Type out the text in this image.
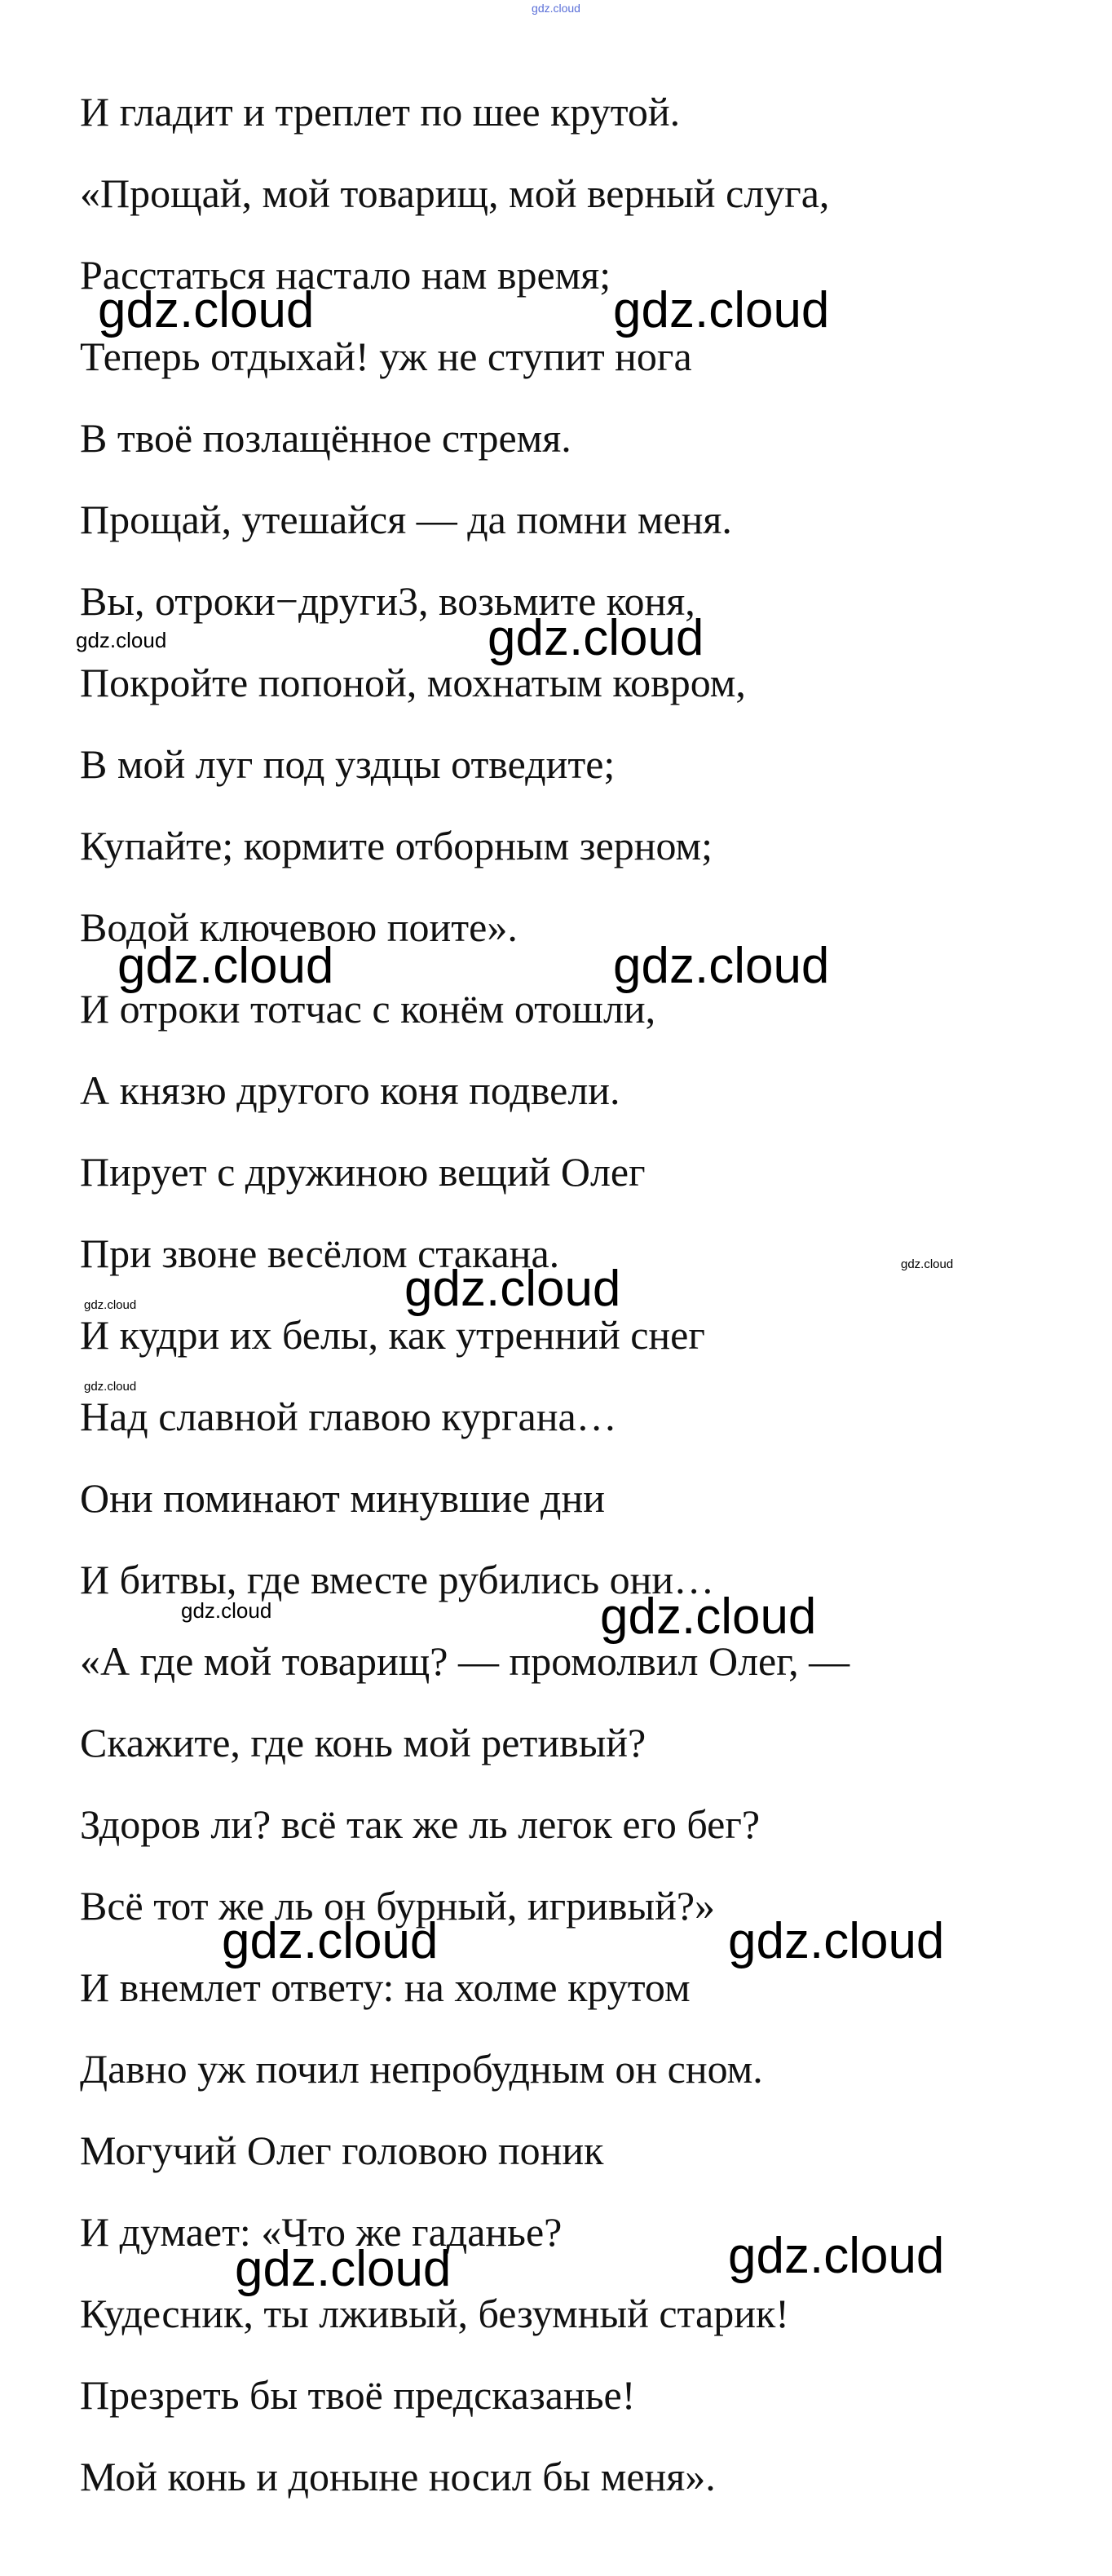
gdz.cloud
И гладит и треплет по шее крутой.
«Прощай, мой товарищ, мой верный слуга,
Расстаться настало нам время;
Теперь отдыхай! уж не ступит нога
В твоё позлащённое стремя.
Прощай, утешайся — да помни меня.
Вы, отроки−други3, возьмите коня,
Покройте попоной, мохнатым ковром,
В мой луг под уздцы отведите;
Купайте; кормите отборным зерном;
Водой ключевою поите».
И отроки тотчас с конём отошли,
А князю другого коня подвели.
Пирует с дружиною вещий Олег
При звоне весёлом стакана.
И кудри их белы, как утренний снег
Над славной главою кургана…
Они поминают минувшие дни
И битвы, где вместе рубились они…
«А где мой товарищ? — промолвил Олег, —
Скажите, где конь мой ретивый?
Здоров ли? всё так же ль легок его бег?
Всё тот же ль он бурный, игривый?»
И внемлет ответу: на холме крутом
Давно уж почил непробудным он сном.
Могучий Олег головою поник
И думает: «Что же гаданье?
Кудесник, ты лживый, безумный старик!
Презреть бы твоё предсказанье!
Мой конь и доныне носил бы меня».
gdz.cloud	gdz.cloud
gdz.cloud	gdz.cloud
gdz.cloud	gdz.cloud
gdz.cloud
gdz.cloud
gdz.cloud
gdz.cloud
gdz.cloud	gdz.cloud
gdz.cloud	gdz.cloud
gdz.cloud	gdz.cloud
